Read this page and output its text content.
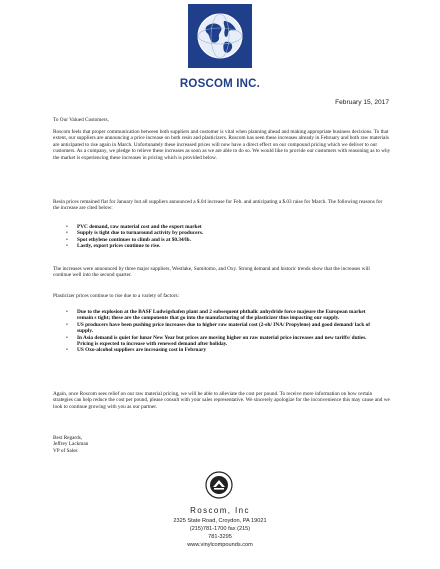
ROSCOM INC.
February 15, 2017
To Our Valued Customers,

Roscom feels that proper communication between both suppliers and customer is vital when planning ahead and making appropriate business decisions. To that extent, our suppliers are announcing a price increase on both resin and plasticizers. Roscom has seen these increases already in February and both raw materials are anticipated to rise again in March. Unfortunately these increased prices will now have a direct effect on our compound pricing which we deliver to our customers. As a company, we pledge to relieve these increases as soon as we are able to do so. We would like to provide our customers with reasoning as to why the market is experiencing these increases in pricing which is provided below.

Resin prices remained flat for January but all suppliers announced a $.04 increase for Feb. and anticipating a $.03 raise for March. The following reasons for the increase are cited below:

• PVC demand, raw material cost and the export market
• Supply is tight due to turnaround activity by producers.
• Spot ethylene continues to climb and is at $0.34/lb.
• Lastly, export prices continue to rise.

The increases were announced by three major suppliers, Westlake, Sumitomo, and Oxy. Strong demand and historic trends show that the increases will continue well into the second quarter.

Plasticizer prices continue to rise due to a variety of factors:

• Due to the explosion at the BASF Ludwigshafen plant and 2 subsequent phthalic anhydride force majeure the European market remain s tight; these are the components that go into the manufacturing of the plasticizer thus impacting our supply.
• US producers have been pushing price increases due to higher raw material cost (2-eh/ INA/ Propylene) and good demand/ lack of supply.
• In Asia demand is quiet for lunar New Year but prices are moving higher on raw material price increases and new tariffs/ duties. Pricing is expected to increase with renewed demand after holiday.
• US Oxo-alcohol suppliers are increasing cost in February

Again, once Roscom sees relief on our raw material pricing, we will be able to alleviate the cost per pound. To receive more information on how certain strategies can help reduce the cost per pound, please consult with your sales representative. We sincerely apologize for the inconvenience this may cause and we look to continue growing with you as our partner.

Best Regards,

Jeffrey Lackman

VP of Sales

Roscom, Inc
2325 State Road, Croydon, PA 19021
(215)781-1700 fax (215)
781-3295
www.vinylcompounds.com
